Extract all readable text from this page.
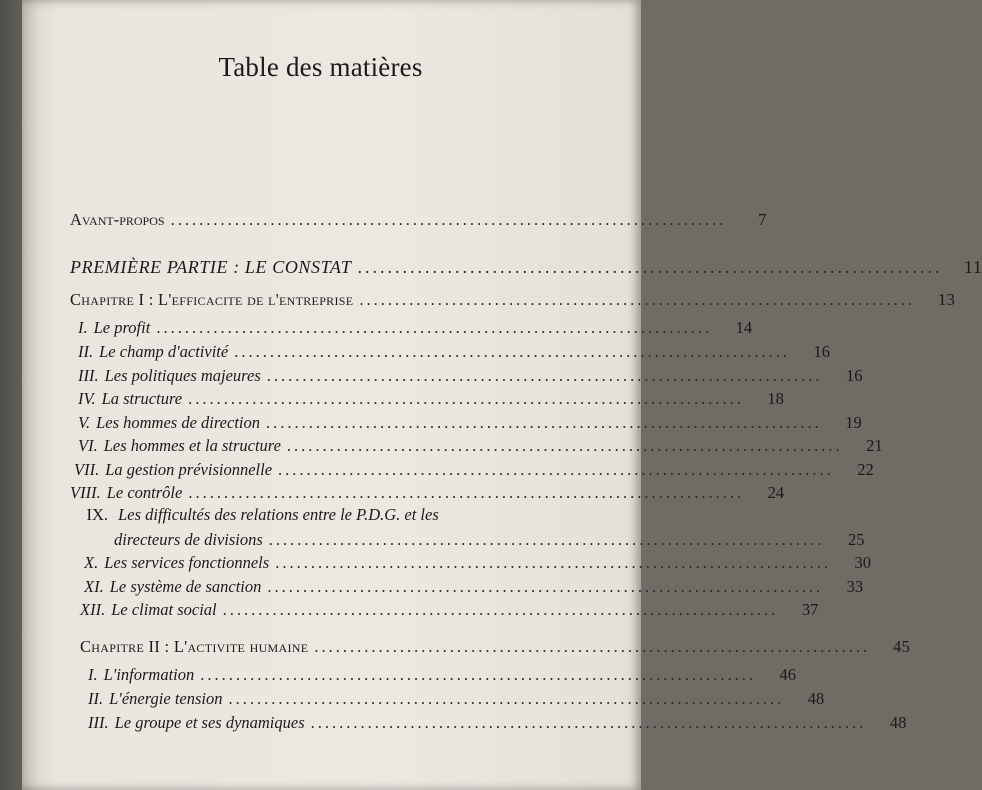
Table des matières
Avant-propos ..............................................................................	7
PREMIÈRE PARTIE : LE CONSTAT ..............................................................................	11
Chapitre I : L'efficacite de l'entreprise ..............................................................................	13
I. Le profit ..............................................................................	14
II. Le champ d'activité ..............................................................................	16
III. Les politiques majeures ..............................................................................	16
IV. La structure ..............................................................................	18
V. Les hommes de direction ..............................................................................	19
VI. Les hommes et la structure ..............................................................................	21
VII. La gestion prévisionnelle ..............................................................................	22
VIII. Le contrôle ..............................................................................	24
IX. Les difficultés des relations entre le P.D.G. et les
directeurs de divisions ..............................................................................	25
X. Les services fonctionnels ..............................................................................	30
XI. Le système de sanction ..............................................................................	33
XII. Le climat social ..............................................................................	37
Chapitre II : L'activite humaine ..............................................................................	45
I. L'information ..............................................................................	46
II. L'énergie tension ..............................................................................	48
III. Le groupe et ses dynamiques ..............................................................................	48
